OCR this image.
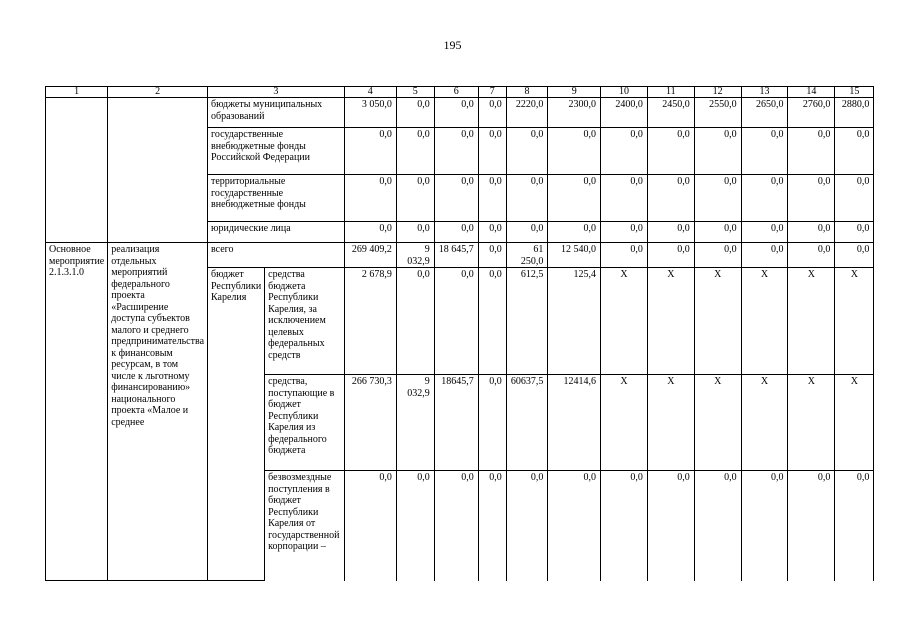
195
1	2	3		4	5	6	7	8	9	10	11	12	13	14	15
		бюджеты муниципальных образований		3 050,0	0,0	0,0	0,0	2220,0	2300,0	2400,0	2450,0	2550,0	2650,0	2760,0	2880,0
		государственные внебюджетные фонды Российской Федерации		0,0	0,0	0,0	0,0	0,0	0,0	0,0	0,0	0,0	0,0	0,0	0,0
		территориальные государственные внебюджетные фонды		0,0	0,0	0,0	0,0	0,0	0,0	0,0	0,0	0,0	0,0	0,0	0,0
		юридические лица		0,0	0,0	0,0	0,0	0,0	0,0	0,0	0,0	0,0	0,0	0,0	0,0
Основное мероприятие 2.1.3.1.0	реализация отдельных мероприятий федерального проекта «Расширение доступа субъектов малого и среднего предпринимательства к финансовым ресурсам, в том числе к льготному финансированию» национального проекта «Малое и среднее	всего		269 409,2	9 032,9	18 645,7	0,0	61 250,0	12 540,0	0,0	0,0	0,0	0,0	0,0	0,0
		бюджет Республики Карелия	средства бюджета Республики Карелия, за исключением целевых федеральных средств	2 678,9	0,0	0,0	0,0	612,5	125,4	X	X	X	X	X	X
			средства, поступающие в бюджет Республики Карелия из федерального бюджета	266 730,3	9 032,9	18645,7	0,0	60637,5	12414,6	X	X	X	X	X	X
			безвозмездные поступления в бюджет Республики Карелия от государственной корпорации –	0,0	0,0	0,0	0,0	0,0	0,0	0,0	0,0	0,0	0,0	0,0	0,0
